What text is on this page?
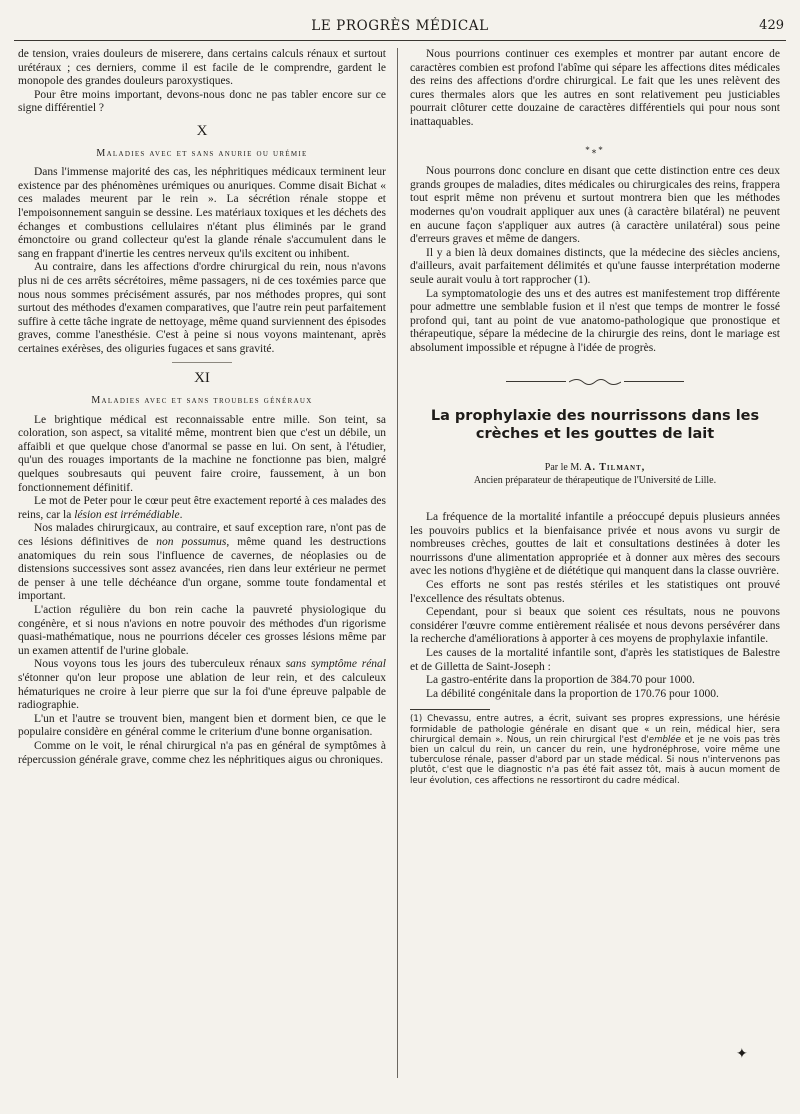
LE PROGRÈS MÉDICAL	429

de tension, vraies douleurs de miserere, dans certains calculs rénaux et surtout urétéraux ; ces derniers, comme il est facile de le comprendre, gardent le monopole des grandes douleurs paroxystiques.

Pour être moins important, devons-nous donc ne pas tabler encore sur ce signe différentiel ?

X
Maladies avec et sans anurie ou urémie

Dans l'immense majorité des cas, les néphritiques médicaux terminent leur existence par des phénomènes urémiques ou anuriques. Comme disait Bichat « ces malades meurent par le rein ». La sécrétion rénale stoppe et l'empoisonnement sanguin se dessine. Les matériaux toxiques et les déchets des échanges et combustions cellulaires n'étant plus éliminés par le grand émonctoire ou grand collecteur qu'est la glande rénale s'accumulent dans le sang en frappant d'inertie les centres nerveux qu'ils excitent ou inhibent.

Au contraire, dans les affections d'ordre chirurgical du rein, nous n'avons plus ni de ces arrêts sécrétoires, même passagers, ni de ces toxémies parce que nous nous sommes précisément assurés, par nos méthodes propres, qui sont surtout des méthodes d'examen comparatives, que l'autre rein peut parfaitement suffire à cette tâche ingrate de nettoyage, même quand surviennent des épisodes graves, comme l'anesthésie. C'est à peine si nous voyons maintenant, après certaines exérèses, des oliguries fugaces et sans gravité.

XI
Maladies avec et sans troubles généraux

Le brightique médical est reconnaissable entre mille. Son teint, sa coloration, son aspect, sa vitalité même, montrent bien que c'est un débile, un affaibli et que quelque chose d'anormal se passe en lui. On sent, à l'étudier, qu'un des rouages importants de la machine ne fonctionne pas bien, malgré quelques soubresauts qui peuvent faire croire, faussement, à un bon fonctionnement définitif.

Le mot de Peter pour le cœur peut être exactement reporté à ces malades des reins, car la lésion est irrémédiable.

Nos malades chirurgicaux, au contraire, et sauf exception rare, n'ont pas de ces lésions définitives de non possumus, même quand les destructions anatomiques du rein sous l'influence de cavernes, de néoplasies ou de distensions successives sont assez avancées, rien dans leur extérieur ne permet de penser à une telle déchéance d'un organe, somme toute fondamental et important.

L'action régulière du bon rein cache la pauvreté physiologique du congénère, et si nous n'avions en notre pouvoir des méthodes d'un rigorisme quasi-mathématique, nous ne pourrions déceler ces grosses lésions même par un examen attentif de l'urine globale.

Nous voyons tous les jours des tuberculeux rénaux sans symptôme rénal s'étonner qu'on leur propose une ablation de leur rein, et des calculeux hématuriques ne croire à leur pierre que sur la foi d'une épreuve palpable de radiographie.

L'un et l'autre se trouvent bien, mangent bien et dorment bien, ce que le populaire considère en général comme le criterium d'une bonne organisation.

Comme on le voit, le rénal chirurgical n'a pas en général de symptômes à répercussion générale grave, comme chez les néphritiques aigus ou chroniques.

Nous pourrions continuer ces exemples et montrer par autant encore de caractères combien est profond l'abîme qui sépare les affections dites médicales des reins des affections d'ordre chirurgical. Le fait que les unes relèvent des cures thermales alors que les autres en sont relativement peu justiciables pourrait clôturer cette douzaine de caractères différentiels qui pour nous sont inattaquables.

*⁎*

Nous pourrons donc conclure en disant que cette distinction entre ces deux grands groupes de maladies, dites médicales ou chirurgicales des reins, frappera tout esprit même non prévenu et surtout montrera bien que les méthodes modernes qu'on voudrait appliquer aux unes (à caractère bilatéral) ne peuvent en aucune façon s'appliquer aux autres (à caractère unilatéral) sous peine d'erreurs graves et même de dangers.

Il y a bien là deux domaines distincts, que la médecine des siècles anciens, d'ailleurs, avait parfaitement délimités et qu'une fausse interprétation moderne seule aurait voulu à tort rapprocher (1).

La symptomatologie des uns et des autres est manifestement trop différente pour admettre une semblable fusion et il n'est que temps de montrer le fossé profond qui, tant au point de vue anatomo-pathologique que pronostique et thérapeutique, sépare la médecine de la chirurgie des reins, dont le mariage est absolument impossible et répugne à l'idée de progrès.

La prophylaxie des nourrissons dans les crèches et les gouttes de lait
Par le M. A. Tilmant,
Ancien préparateur de thérapeutique de l'Université de Lille.

La fréquence de la mortalité infantile a préoccupé depuis plusieurs années les pouvoirs publics et la bienfaisance privée et nous avons vu surgir de nombreuses crèches, gouttes de lait et consultations destinées à doter les nourrissons d'une alimentation appropriée et à donner aux mères des secours avec les notions d'hygiène et de diététique qui manquent dans la classe ouvrière.

Ces efforts ne sont pas restés stériles et les statistiques ont prouvé l'excellence des résultats obtenus.

Cependant, pour si beaux que soient ces résultats, nous ne pouvons considérer l'œuvre comme entièrement réalisée et nous devons persévérer dans la recherche d'améliorations à apporter à ces moyens de prophylaxie infantile.

Les causes de la mortalité infantile sont, d'après les statistiques de Balestre et de Gilletta de Saint-Joseph :

La gastro-entérite dans la proportion de 384.70 pour 1000.

La débilité congénitale dans la proportion de 170.76 pour 1000.

(1) Chevassu, entre autres, a écrit, suivant ses propres expressions, une hérésie formidable de pathologie générale en disant que « un rein, médical hier, sera chirurgical demain ». Nous, un rein chirurgical l'est d'emblée et je ne vois pas très bien un calcul du rein, un cancer du rein, une hydronéphrose, voire même une tuberculose rénale, passer d'abord par un stade médical. Si nous n'intervenons pas plutôt, c'est que le diagnostic n'a pas été fait assez tôt, mais à aucun moment de leur évolution, ces affections ne ressortiront du cadre médical.
✦
